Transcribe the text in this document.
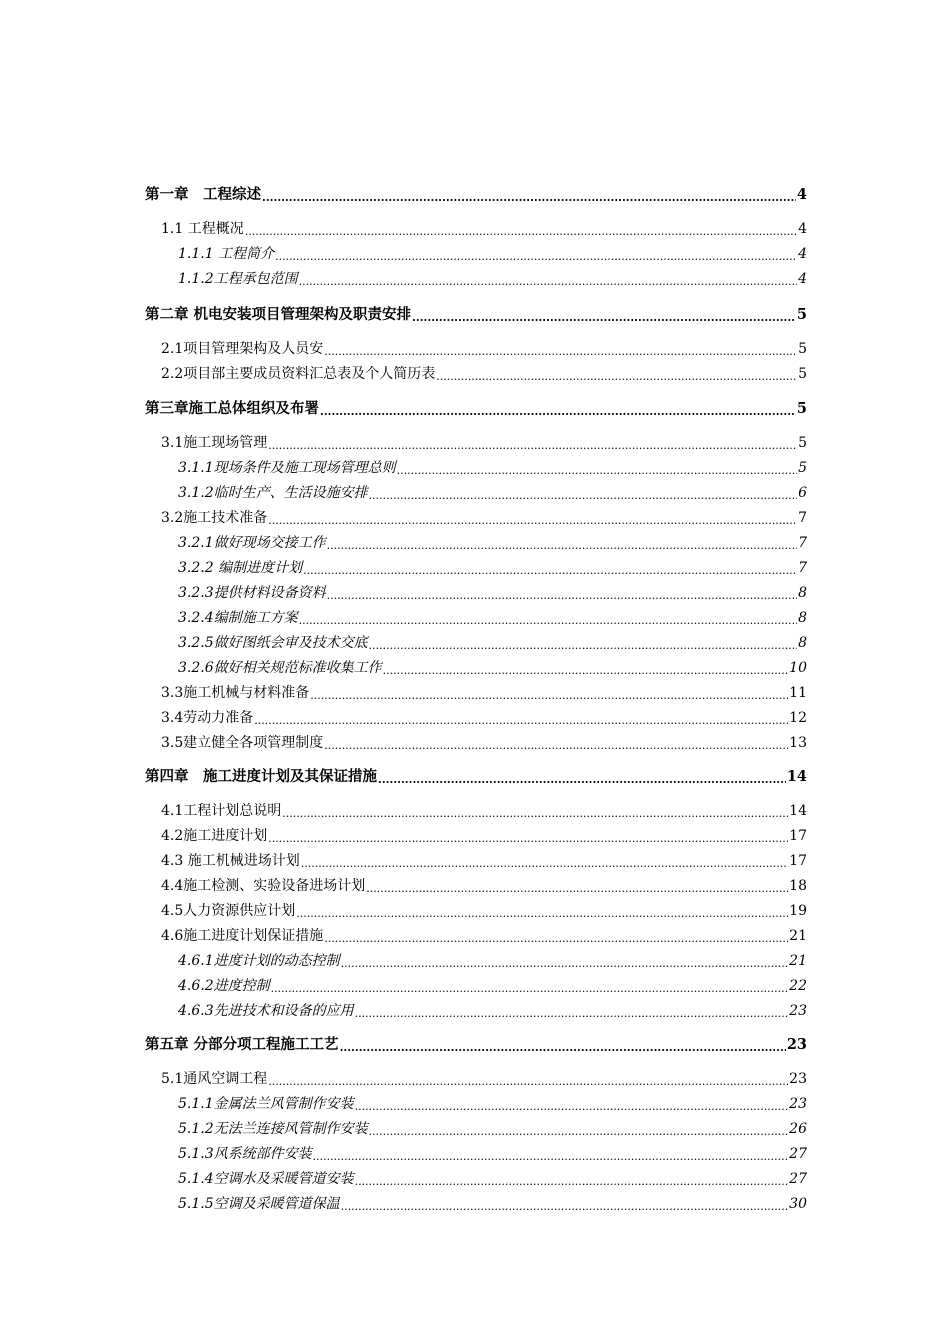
第一章　工程综述 .....	4
1.1 工程概况 .....	4
1.1.1 工程简介 .....	4
1.1.2工程承包范围 .....	4
第二章 机电安装项目管理架构及职责安排 .....	5
2.1项目管理架构及人员安 .....	5
2.2项目部主要成员资料汇总表及个人简历表 .....	5
第三章施工总体组织及布署 .....	5
3.1施工现场管理 .....	5
3.1.1现场条件及施工现场管理总则 .....	5
3.1.2临时生产、生活设施安排 .....	6
3.2施工技术准备 .....	7
3.2.1做好现场交接工作 .....	7
3.2.2 编制进度计划 .....	7
3.2.3提供材料设备资料 .....	8
3.2.4编制施工方案 .....	8
3.2.5做好图纸会审及技术交底 .....	8
3.2.6做好相关规范标准收集工作 .....	10
3.3施工机械与材料准备 .....	11
3.4劳动力准备 .....	12
3.5建立健全各项管理制度 .....	13
第四章　施工进度计划及其保证措施 .....	14
4.1工程计划总说明 .....	14
4.2施工进度计划 .....	17
4.3 施工机械进场计划 .....	17
4.4施工检测、实验设备进场计划 .....	18
4.5人力资源供应计划 .....	19
4.6施工进度计划保证措施 .....	21
4.6.1进度计划的动态控制 .....	21
4.6.2进度控制 .....	22
4.6.3先进技术和设备的应用 .....	23
第五章 分部分项工程施工工艺 .....	23
5.1通风空调工程 .....	23
5.1.1金属法兰风管制作安装 .....	23
5.1.2无法兰连接风管制作安装 .....	26
5.1.3风系统部件安装 .....	27
5.1.4空调水及采暖管道安装 .....	27
5.1.5空调及采暖管道保温 .....	30
